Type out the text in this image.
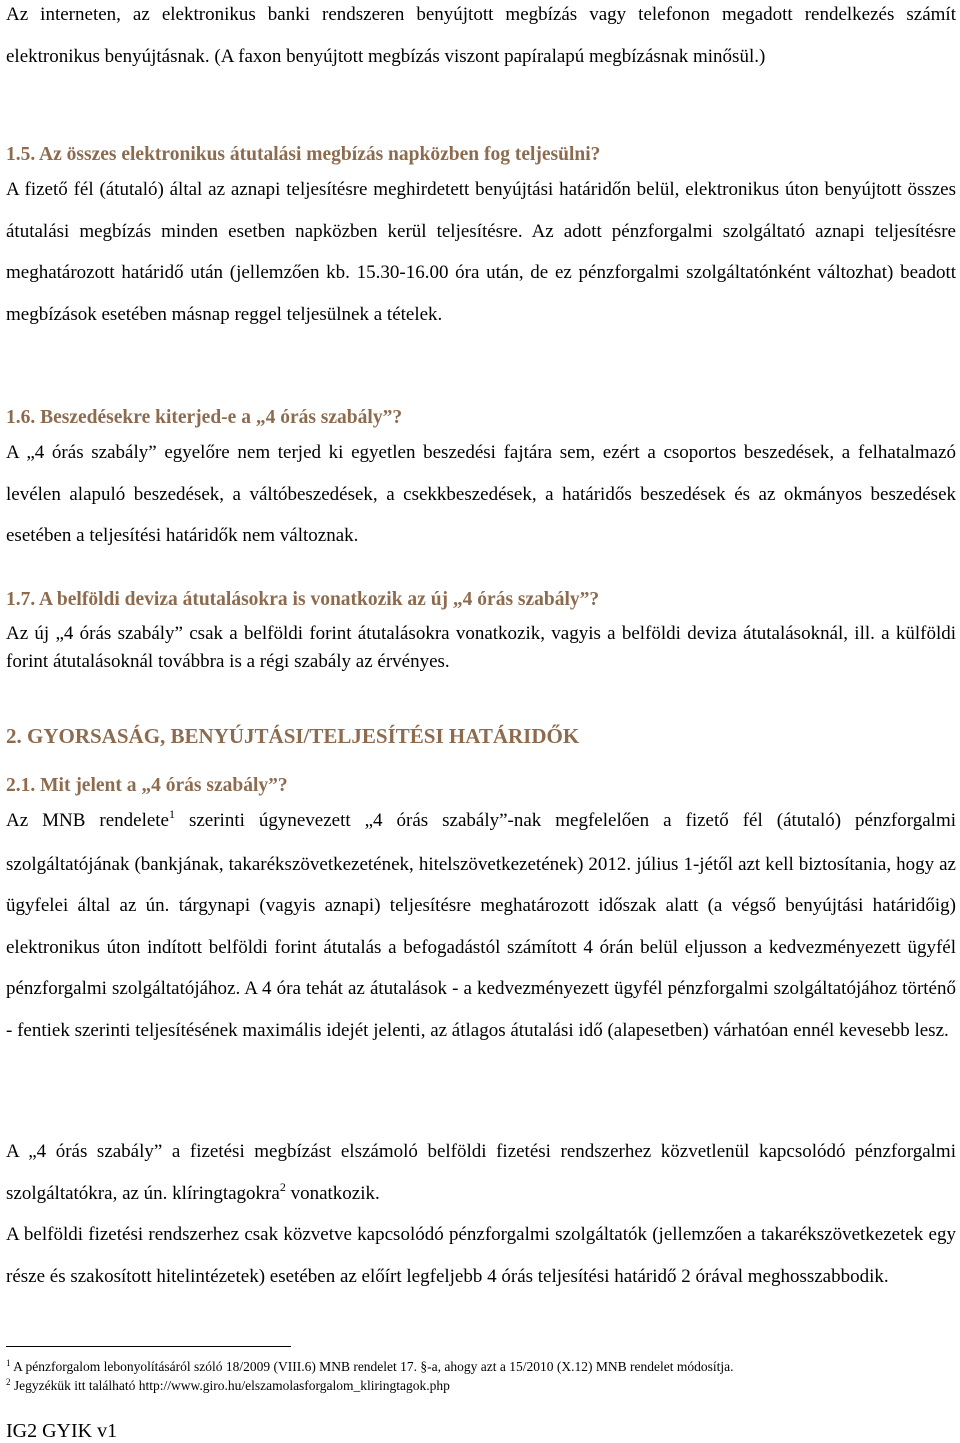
Az interneten, az elektronikus banki rendszeren benyújtott megbízás vagy telefonon megadott rendelkezés számít elektronikus benyújtásnak. (A faxon benyújtott megbízás viszont papíralapú megbízásnak minősül.)

1.5. Az összes elektronikus átutalási megbízás napközben fog teljesülni?

A fizető fél (átutaló) által az aznapi teljesítésre meghirdetett benyújtási határidőn belül, elektronikus úton benyújtott összes átutalási megbízás minden esetben napközben kerül teljesítésre. Az adott pénzforgalmi szolgáltató aznapi teljesítésre meghatározott határidő után (jellemzően kb. 15.30-16.00 óra után, de ez pénzforgalmi szolgáltatónként változhat) beadott megbízások esetében másnap reggel teljesülnek a tételek.

1.6. Beszedésekre kiterjed-e a „4 órás szabály”?

A „4 órás szabály” egyelőre nem terjed ki egyetlen beszedési fajtára sem, ezért a csoportos beszedések, a felhatalmazó levélen alapuló beszedések, a váltóbeszedések, a csekkbeszedések, a határidős beszedések és az okmányos beszedések esetében a teljesítési határidők nem változnak.

1.7. A belföldi deviza átutalásokra is vonatkozik az új „4 órás szabály”?

Az új „4 órás szabály” csak a belföldi forint átutalásokra vonatkozik, vagyis a belföldi deviza átutalásoknál, ill. a külföldi forint átutalásoknál továbbra is a régi szabály az érvényes.

2. GYORSASÁG, BENYÚJTÁSI/TELJESÍTÉSI HATÁRIDŐK
2.1. Mit jelent a „4 órás szabály”?

Az MNB rendelete$^1$ szerinti úgynevezett „4 órás szabály”-nak megfelelően a fizető fél (átutaló) pénzforgalmi szolgáltatójának (bankjának, takarékszövetkezetének, hitelszövetkezetének) 2012. július 1-jétől azt kell biztosítania, hogy az ügyfelei által az ún. tárgynapi (vagyis aznapi) teljesítésre meghatározott időszak alatt (a végső benyújtási határidőig) elektronikus úton indított belföldi forint átutalás a befogadástól számított 4 órán belül eljusson a kedvezményezett ügyfél pénzforgalmi szolgáltatójához. A 4 óra tehát az átutalások - a kedvezményezett ügyfél pénzforgalmi szolgáltatójához történő - fentiek szerinti teljesítésének maximális idejét jelenti, az átlagos átutalási idő (alapesetben) várhatóan ennél kevesebb lesz.

A „4 órás szabály” a fizetési megbízást elszámoló belföldi fizetési rendszerhez közvetlenül kapcsolódó pénzforgalmi szolgáltatókra, az ún. klíringtagokra$^2$ vonatkozik.

A belföldi fizetési rendszerhez csak közvetve kapcsolódó pénzforgalmi szolgáltatók (jellemzően a takarékszövetkezetek egy része és szakosított hitelintézetek) esetében az előírt legfeljebb 4 órás teljesítési határidő 2 órával meghosszabbodik.

$^1$ A pénzforgalom lebonyolításáról szóló 18/2009 (VIII.6) MNB rendelet 17. §-a, ahogy azt a 15/2010 (X.12) MNB rendelet módosítja.
$^2$ Jegyzékük itt található http://www.giro.hu/elszamolasforgalom_kliringtagok.php
IG2 GYIK v1
